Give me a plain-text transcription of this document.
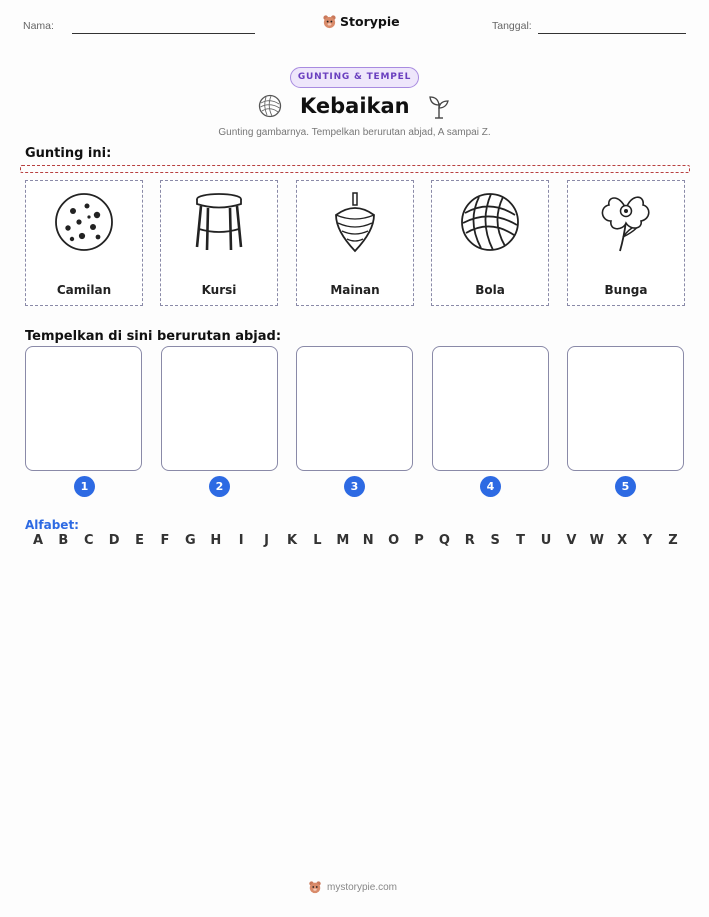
Nama:	Storypie	Tanggal:
GUNTING & TEMPEL
Kebaikan
Gunting gambarnya. Tempelkan berurutan abjad, A sampai Z.
Gunting ini:
Camilan	Kursi	Mainan	Bola	Bunga
Tempelkan di sini berurutan abjad:
1	2	3	4	5
Alfabet:
A B C D E F G H	I	J	K L M N O P Q R S T U V W X Y Z
mystorypie.com
